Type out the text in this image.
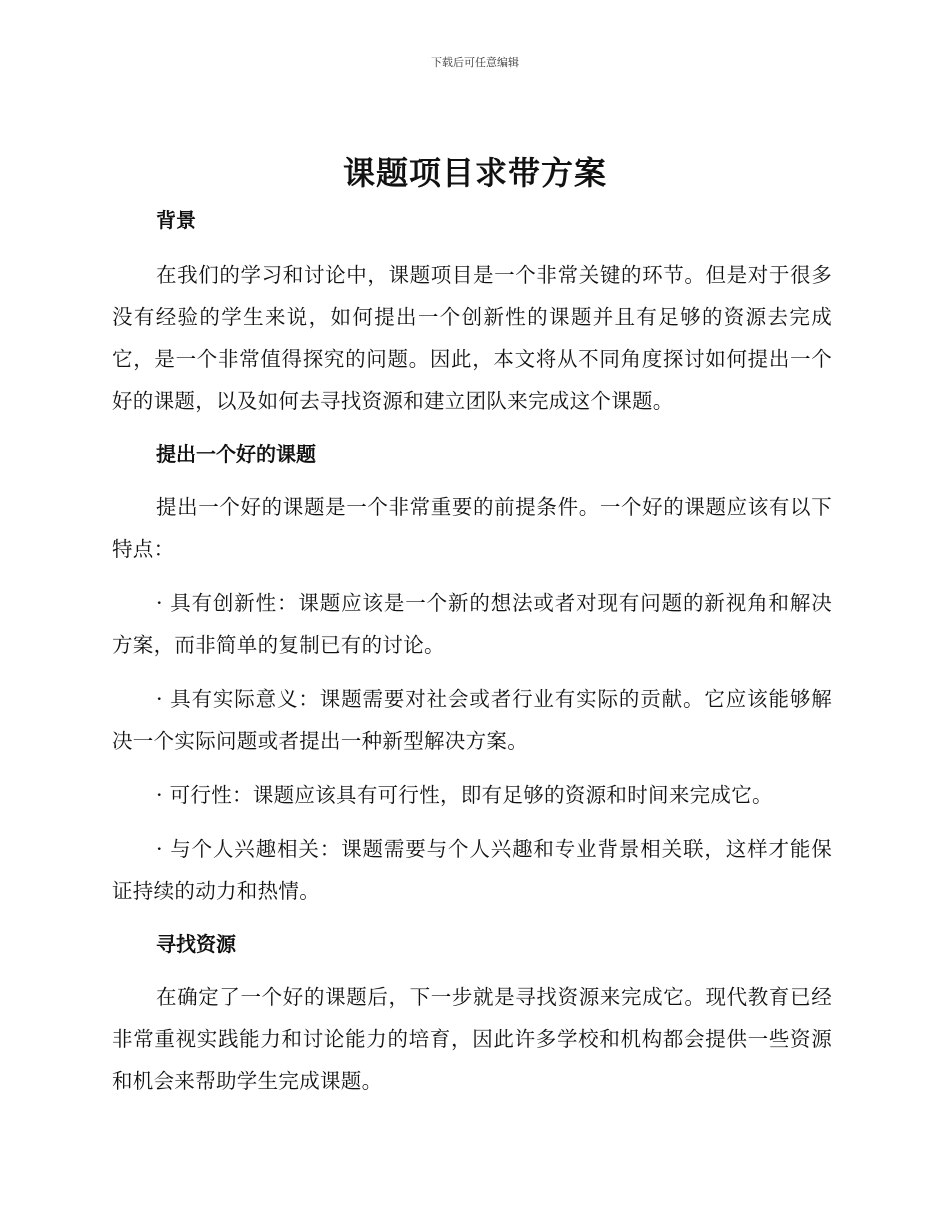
下载后可任意编辑
课题项目求带方案
背景

在我们的学习和讨论中，课题项目是一个非常关键的环节。但是对于很多没有经验的学生来说，如何提出一个创新性的课题并且有足够的资源去完成它，是一个非常值得探究的问题。因此，本文将从不同角度探讨如何提出一个好的课题，以及如何去寻找资源和建立团队来完成这个课题。

提出一个好的课题

提出一个好的课题是一个非常重要的前提条件。一个好的课题应该有以下特点：

· 具有创新性：课题应该是一个新的想法或者对现有问题的新视角和解决方案，而非简单的复制已有的讨论。

· 具有实际意义：课题需要对社会或者行业有实际的贡献。它应该能够解决一个实际问题或者提出一种新型解决方案。

· 可行性：课题应该具有可行性，即有足够的资源和时间来完成它。

· 与个人兴趣相关：课题需要与个人兴趣和专业背景相关联，这样才能保证持续的动力和热情。

寻找资源

在确定了一个好的课题后，下一步就是寻找资源来完成它。现代教育已经非常重视实践能力和讨论能力的培育，因此许多学校和机构都会提供一些资源和机会来帮助学生完成课题。
